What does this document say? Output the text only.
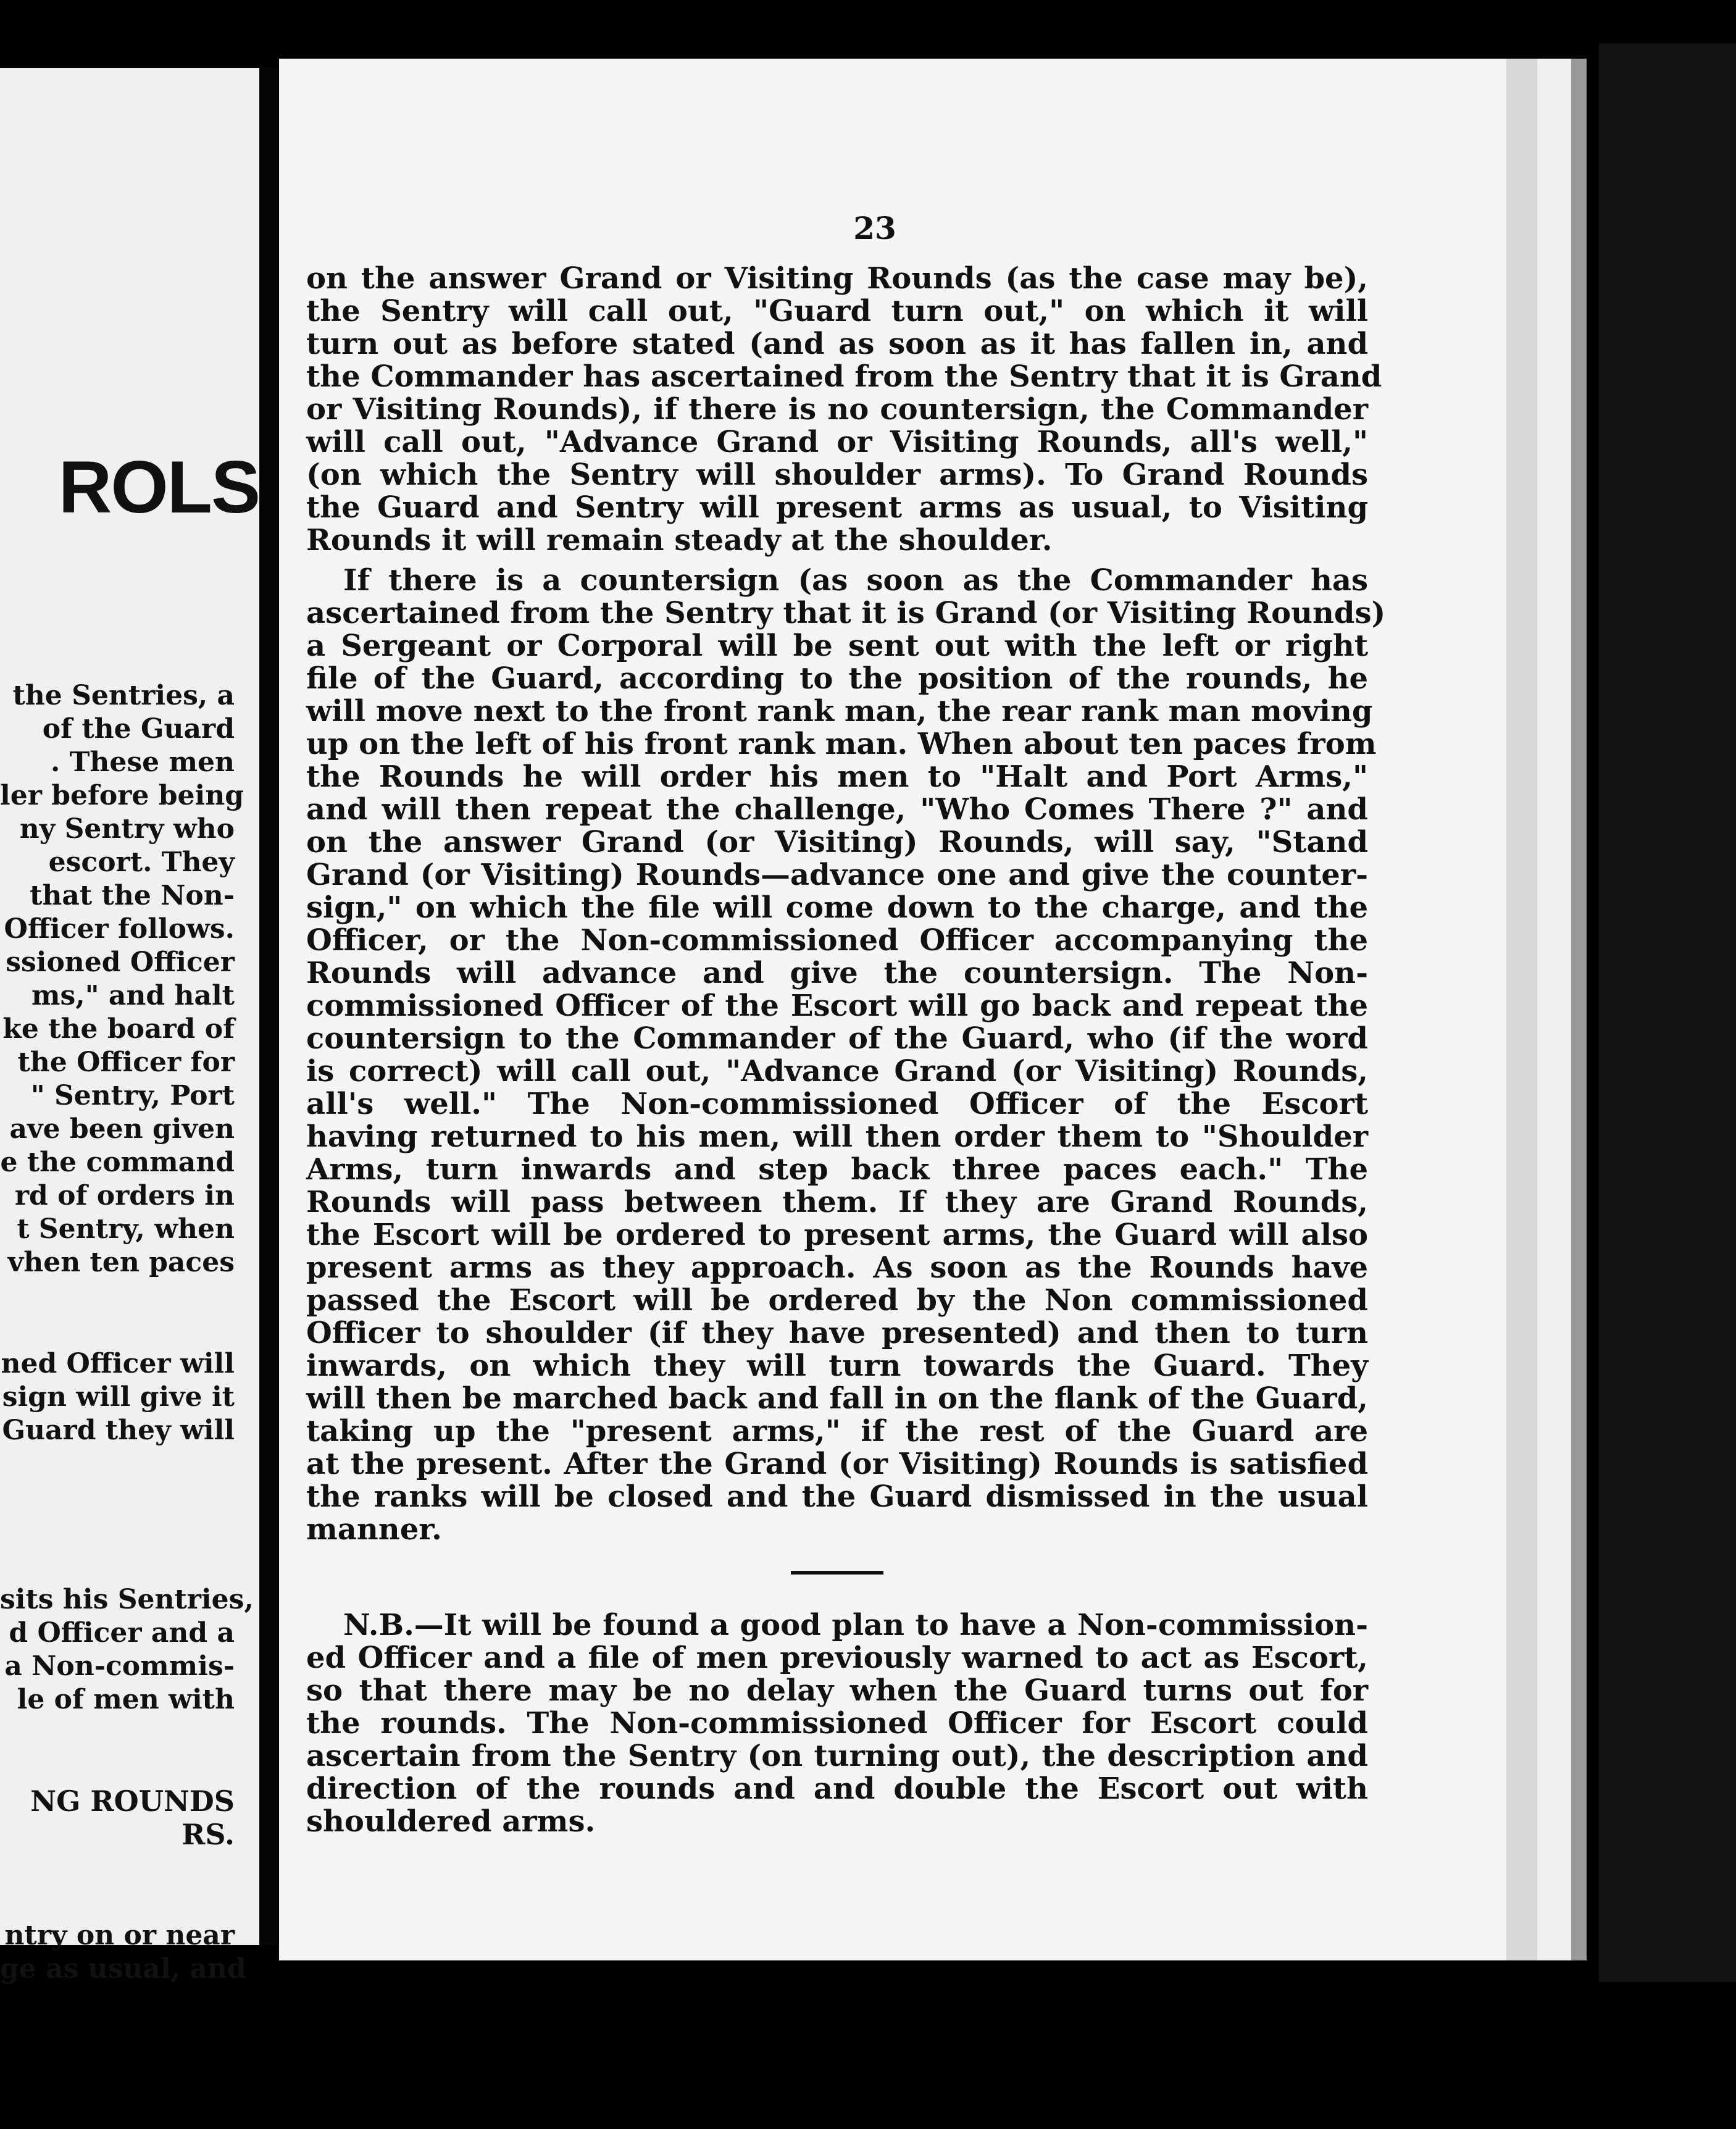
ROLS
the Sentries, a
of the Guard
. These men
ler before being
ny Sentry who
escort. They
that the Non-
Officer follows.
ssioned Officer
ms," and halt
ke the board of
the Officer for
" Sentry, Port
ave been given
e the command
rd of orders in
t Sentry, when
vhen ten paces
ned Officer will
sign will give it
Guard they will
sits his Sentries,
d Officer and a
a Non-commis-
le of men with
NG ROUNDS
RS.
ntry on or near
ge as usual, and
23

on the answer Grand or Visiting Rounds (as the case may be),
the Sentry will call out, "Guard turn out," on which it will
turn out as before stated (and as soon as it has fallen in, and
the Commander has ascertained from the Sentry that it is Grand
or Visiting Rounds), if there is no countersign, the Commander
will call out, "Advance Grand or Visiting Rounds, all's well,"
(on which the Sentry will shoulder arms). To Grand Rounds
the Guard and Sentry will present arms as usual, to Visiting
Rounds it will remain steady at the shoulder.

If there is a countersign (as soon as the Commander has
ascertained from the Sentry that it is Grand (or Visiting Rounds)
a Sergeant or Corporal will be sent out with the left or right
file of the Guard, according to the position of the rounds, he
will move next to the front rank man, the rear rank man moving
up on the left of his front rank man. When about ten paces from
the Rounds he will order his men to "Halt and Port Arms,"
and will then repeat the challenge, "Who Comes There ?" and
on the answer Grand (or Visiting) Rounds, will say, "Stand
Grand (or Visiting) Rounds—advance one and give the counter-
sign," on which the file will come down to the charge, and the
Officer, or the Non-commissioned Officer accompanying the
Rounds will advance and give the countersign. The Non-
commissioned Officer of the Escort will go back and repeat the
countersign to the Commander of the Guard, who (if the word
is correct) will call out, "Advance Grand (or Visiting) Rounds,
all's well." The Non-commissioned Officer of the Escort
having returned to his men, will then order them to "Shoulder
Arms, turn inwards and step back three paces each." The
Rounds will pass between them. If they are Grand Rounds,
the Escort will be ordered to present arms, the Guard will also
present arms as they approach. As soon as the Rounds have
passed the Escort will be ordered by the Non commissioned
Officer to shoulder (if they have presented) and then to turn
inwards, on which they will turn towards the Guard. They
will then be marched back and fall in on the flank of the Guard,
taking up the "present arms," if the rest of the Guard are
at the present. After the Grand (or Visiting) Rounds is satisfied
the ranks will be closed and the Guard dismissed in the usual
manner.

N.B.—It will be found a good plan to have a Non-commission-
ed Officer and a file of men previously warned to act as Escort,
so that there may be no delay when the Guard turns out for
the rounds. The Non-commissioned Officer for Escort could
ascertain from the Sentry (on turning out), the description and
direction of the rounds and and double the Escort out with
shouldered arms.
